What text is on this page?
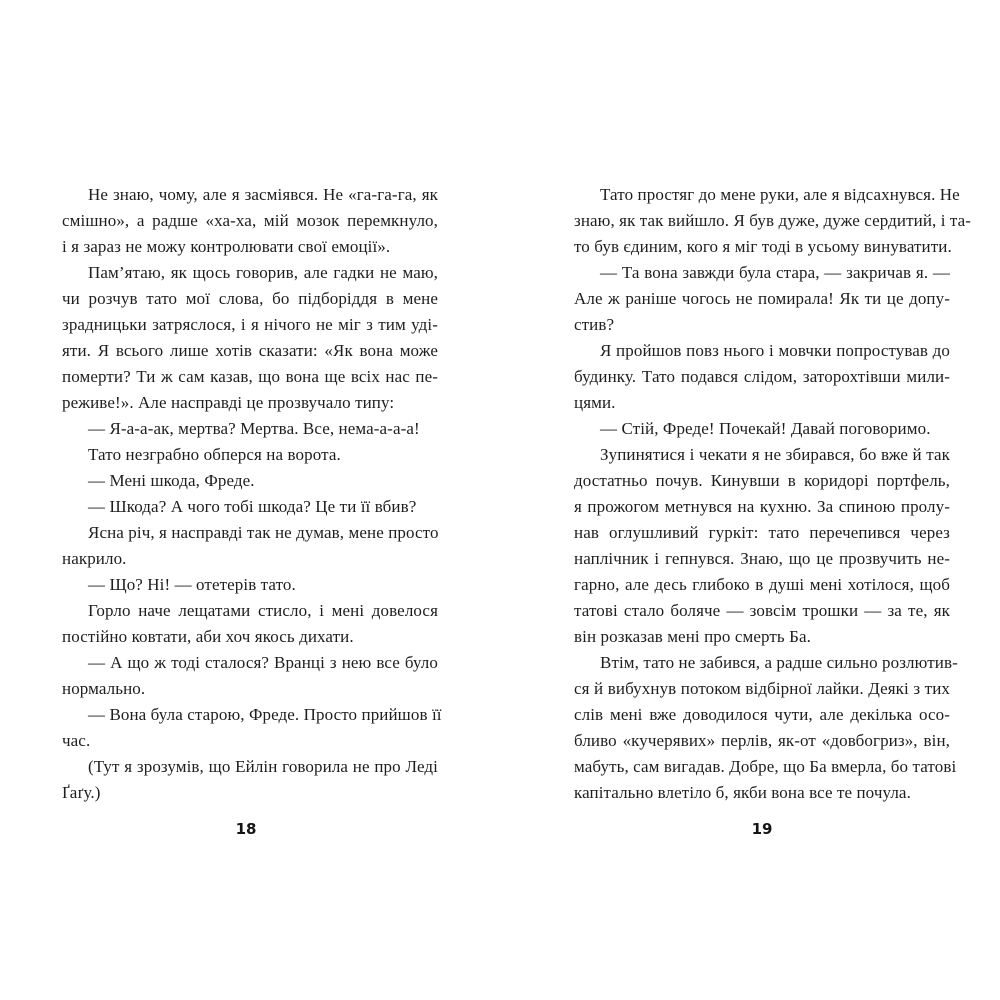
Не знаю, чому, але я засміявся. Не «га-га-га, як
смішно», а радше «ха-ха, мій мозок перемкнуло,
і я зараз не можу контролювати свої емоції».

Пам’ятаю, як щось говорив, але гадки не маю,
чи розчув тато мої слова, бо підборіддя в мене
зрадницьки затряслося, і я нічого не міг з тим уді-
яти. Я всього лише хотів сказати: «Як вона може
померти? Ти ж сам казав, що вона ще всіх нас пе-
реживе!». Але насправді це прозвучало типу:

— Я-а-а-ак, мертва? Мертва. Все, нема-а-а-а!

Тато незграбно обперся на ворота.

— Мені шкода, Фреде.

— Шкода? А чого тобі шкода? Це ти її вбив?

Ясна річ, я насправді так не думав, мене просто
накрило.

— Що? Ні! — отетерів тато.

Горло наче лещатами стисло, і мені довелося
постійно ковтати, аби хоч якось дихати.

— А що ж тоді сталося? Вранці з нею все було
нормально.

— Вона була старою, Фреде. Просто прийшов її
час.

(Тут я зрозумів, що Ейлін говорила не про Леді
Ґаґу.)

Тато простяг до мене руки, але я відсахнувся. Не
знаю, як так вийшло. Я був дуже, дуже сердитий, і та-
то був єдиним, кого я міг тоді в усьому винуватити.

— Та вона завжди була стара, — закричав я. —
Але ж раніше чогось не помирала! Як ти це допу-
стив?

Я пройшов повз нього і мовчки попростував до
будинку. Тато подався слідом, заторохтівши мили-
цями.

— Стій, Фреде! Почекай! Давай поговоримо.

Зупинятися і чекати я не збирався, бо вже й так
достатньо почув. Кинувши в коридорі портфель,
я прожогом метнувся на кухню. За спиною пролу-
нав оглушливий гуркіт: тато перечепився через
наплічник і гепнувся. Знаю, що це прозвучить не-
гарно, але десь глибоко в душі мені хотілося, щоб
татові стало боляче — зовсім трошки — за те, як
він розказав мені про смерть Ба.

Втім, тато не забився, а радше сильно розлютив-
ся й вибухнув потоком відбірної лайки. Деякі з тих
слів мені вже доводилося чути, але декілька осо-
бливо «кучерявих» перлів, як-от «довбогриз», він,
мабуть, сам вигадав. Добре, що Ба вмерла, бо татові
капітально влетіло б, якби вона все те почула.

18	19
